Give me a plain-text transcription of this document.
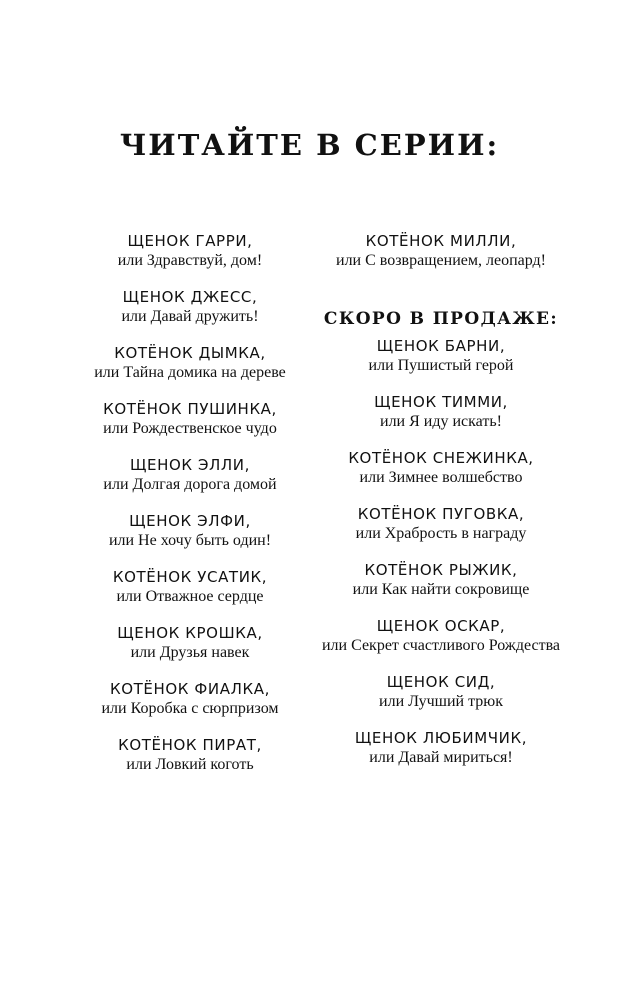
ЧИТАЙТЕ В СЕРИИ:
ЩЕНОК ГАРРИ,
или Здравствуй, дом!
ЩЕНОК ДЖЕСС,
или Давай дружить!
КОТЁНОК ДЫМКА,
или Тайна домика на дереве
КОТЁНОК ПУШИНКА,
или Рождественское чудо
ЩЕНОК ЭЛЛИ,
или Долгая дорога домой
ЩЕНОК ЭЛФИ,
или Не хочу быть один!
КОТЁНОК УСАТИК,
или Отважное сердце
ЩЕНОК КРОШКА,
или Друзья навек
КОТЁНОК ФИАЛКА,
или Коробка с сюрпризом
КОТЁНОК ПИРАТ,
или Ловкий коготь
КОТЁНОК МИЛЛИ,
или С возвращением, леопард!
СКОРО В ПРОДАЖЕ:
ЩЕНОК БАРНИ,
или Пушистый герой
ЩЕНОК ТИММИ,
или Я иду искать!
КОТЁНОК СНЕЖИНКА,
или Зимнее волшебство
КОТЁНОК ПУГОВКА,
или Храбрость в награду
КОТЁНОК РЫЖИК,
или Как найти сокровище
ЩЕНОК ОСКАР,
или Секрет счастливого Рождества
ЩЕНОК СИД,
или Лучший трюк
ЩЕНОК ЛЮБИМЧИК,
или Давай мириться!
